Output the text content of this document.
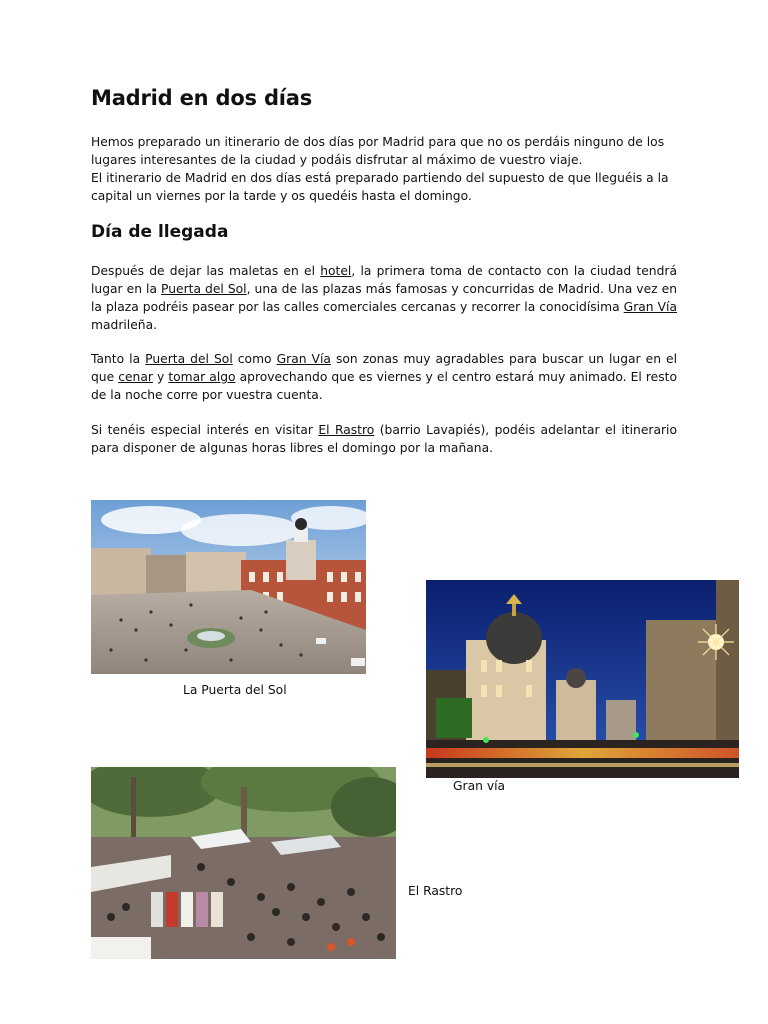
Madrid en dos días

Hemos preparado un itinerario de dos días por Madrid para que no os perdáis ninguno de los lugares interesantes de la ciudad y podáis disfrutar al máximo de vuestro viaje.
El itinerario de Madrid en dos días está preparado partiendo del supuesto de que lleguéis a la capital un viernes por la tarde y os quedéis hasta el domingo.

Día de llegada

Después de dejar las maletas en el hotel, la primera toma de contacto con la ciudad tendrá lugar en la Puerta del Sol, una de las plazas más famosas y concurridas de Madrid. Una vez en la plaza podréis pasear por las calles comerciales cercanas y recorrer la conocidísima Gran Vía madrileña.

Tanto la Puerta del Sol como Gran Vía son zonas muy agradables para buscar un lugar en el que cenar y tomar algo aprovechando que es viernes y el centro estará muy animado. El resto de la noche corre por vuestra cuenta.

Si tenéis especial interés en visitar El Rastro (barrio Lavapiés), podéis adelantar el itinerario para disponer de algunas horas libres el domingo por la mañana.

La Puerta del Sol

Gran vía

El Rastro
